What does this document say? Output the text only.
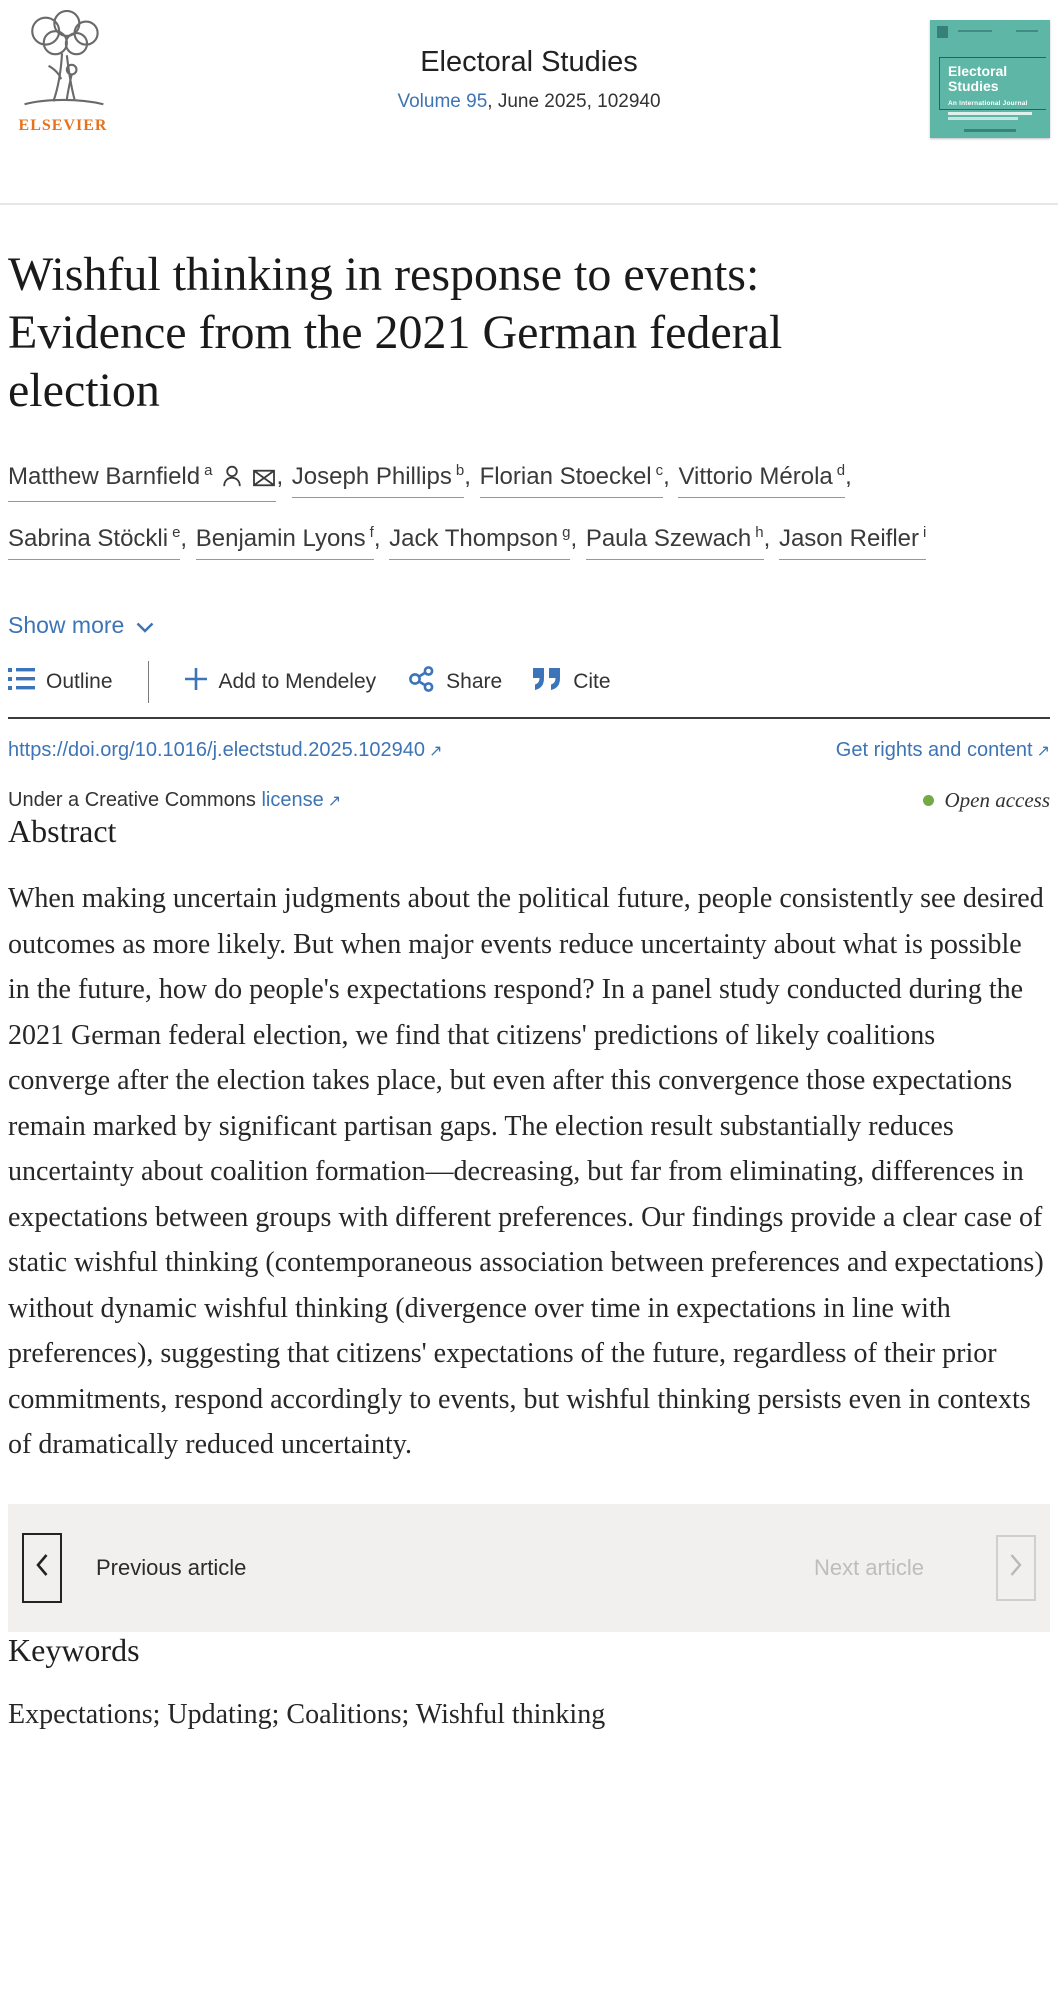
ELSEVIER
Electoral Studies
Volume 95, June 2025, 102940
Electoral
Studies
An International Journal
Wishful thinking in response to events:
Evidence from the 2021 German federal
election
Matthew Barnfield $^a$	, Joseph Phillips $^b$, Florian Stoeckel $^c$, Vittorio Mérola $^d$,
Sabrina Stöckli $^e$, Benjamin Lyons $^f$, Jack Thompson $^g$, Paula Szewach $^h$, Jason Reifler $^i$
Show more
Outline	Add to Mendeley	Share	Cite
https://doi.org/10.1016/j.electstud.2025.102940 ↗	Get rights and content ↗
Under a Creative Commons license ↗	Open access
Abstract

When making uncertain judgments about the political future, people consistently see desired outcomes as more likely. But when major events reduce uncertainty about what is possible in the future, how do people's expectations respond? In a panel study conducted during the 2021 German federal election, we find that citizens' predictions of likely coalitions converge after the election takes place, but even after this convergence those expectations remain marked by significant partisan gaps. The election result substantially reduces uncertainty about coalition formation—decreasing, but far from eliminating, differences in expectations between groups with different preferences. Our findings provide a clear case of static wishful thinking (contemporaneous association between preferences and expectations) without dynamic wishful thinking (divergence over time in expectations in line with preferences), suggesting that citizens' expectations of the future, regardless of their prior commitments, respond accordingly to events, but wishful thinking persists even in contexts of dramatically reduced uncertainty.

Previous article	Next article
Keywords
Expectations; Updating; Coalitions; Wishful thinking
